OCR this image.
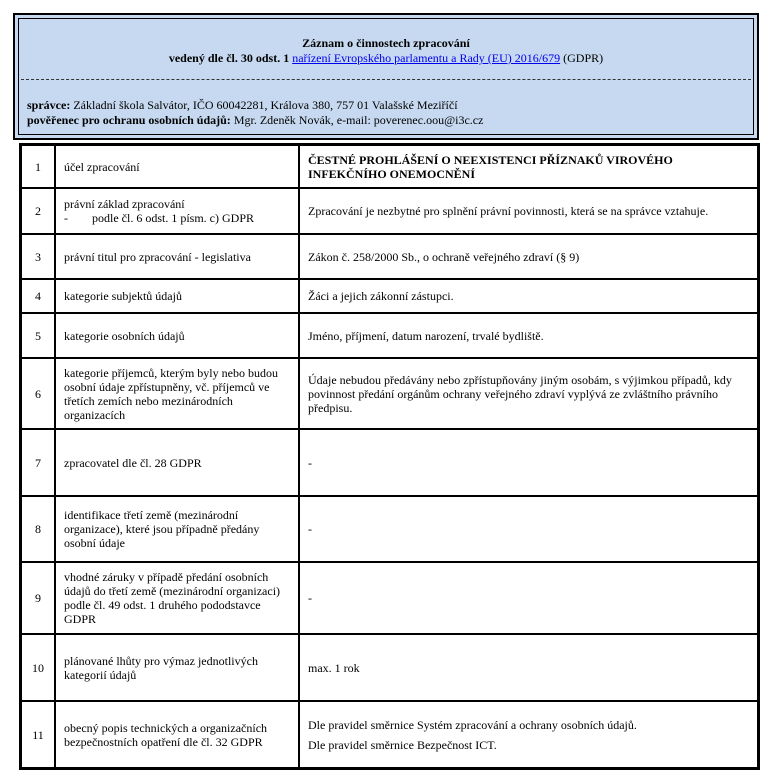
Záznam o činnostech zpracování
vedený dle čl. 30 odst. 1 nařízení Evropského parlamentu a Rady (EU) 2016/679 (GDPR)
správce: Základní škola Salvátor, IČO 60042281, Králova 380, 757 01 Valašské Meziříčí
pověřenec pro ochranu osobních údajů: Mgr. Zdeněk Novák, e-mail: poverenec.oou@i3c.cz
1	účel zpracování	ČESTNÉ PROHLÁŠENÍ O NEEXISTENCI PŘÍZNAKŮ VIROVÉHO INFEKČNÍHO ONEMOCNĚNÍ
2	právní základ zpracování
- podle čl. 6 odst. 1 písm. c) GDPR	Zpracování je nezbytné pro splnění právní povinnosti, která se na správce vztahuje.
3	právní titul pro zpracování - legislativa	Zákon č. 258/2000 Sb., o ochraně veřejného zdraví (§ 9)
4	kategorie subjektů údajů	Žáci a jejich zákonní zástupci.
5	kategorie osobních údajů	Jméno, příjmení, datum narození, trvalé bydliště.
6	kategorie příjemců, kterým byly nebo budou osobní údaje zpřístupněny, vč. příjemců ve třetích zemích nebo mezinárodních organizacích	Údaje nebudou předávány nebo zpřístupňovány jiným osobám, s výjimkou případů, kdy povinnost předání orgánům ochrany veřejného zdraví vyplývá ze zvláštního právního předpisu.
7	zpracovatel dle čl. 28 GDPR	-
8	identifikace třetí země (mezinárodní organizace), které jsou případně předány osobní údaje	-
9	vhodné záruky v případě předání osobních údajů do třetí země (mezinárodní organizaci) podle čl. 49 odst. 1 druhého pododstavce GDPR	-
10	plánované lhůty pro výmaz jednotlivých kategorií údajů	max. 1 rok
11	obecný popis technických a organizačních bezpečnostních opatření dle čl. 32 GDPR	Dle pravidel směrnice Systém zpracování a ochrany osobních údajů.

Dle pravidel směrnice Bezpečnost ICT.
